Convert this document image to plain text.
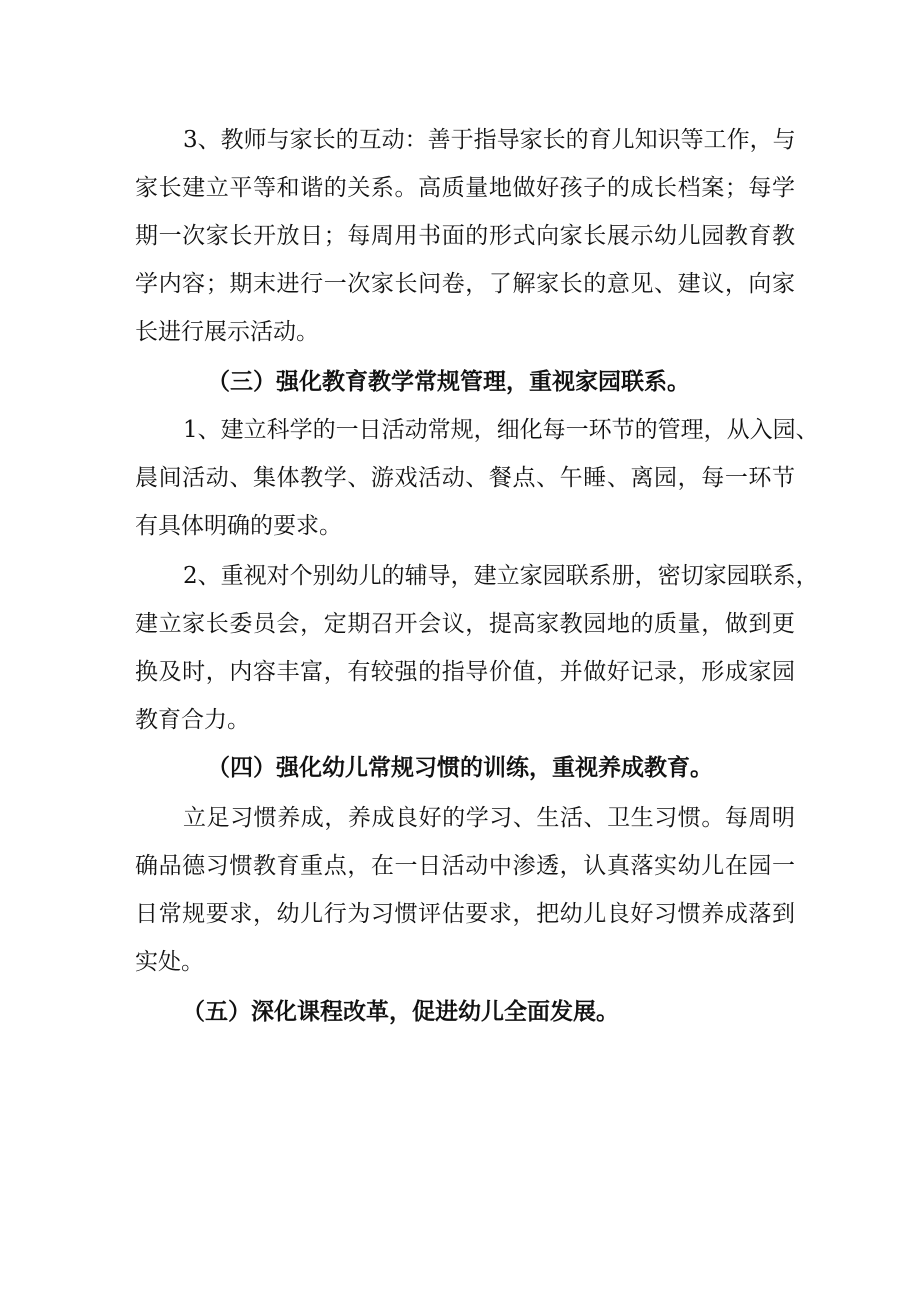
3、教师与家长的互动：善于指导家长的育儿知识等工作，与
家长建立平等和谐的关系。高质量地做好孩子的成长档案；每学
期一次家长开放日；每周用书面的形式向家长展示幼儿园教育教
学内容；期末进行一次家长问卷，了解家长的意见、建议，向家
长进行展示活动。
（三）强化教育教学常规管理，重视家园联系。
1、建立科学的一日活动常规，细化每一环节的管理，从入园、
晨间活动、集体教学、游戏活动、餐点、午睡、离园，每一环节
有具体明确的要求。
2、重视对个别幼儿的辅导，建立家园联系册，密切家园联系，
建立家长委员会，定期召开会议，提高家教园地的质量，做到更
换及时，内容丰富，有较强的指导价值，并做好记录，形成家园
教育合力。
（四）强化幼儿常规习惯的训练，重视养成教育。
立足习惯养成，养成良好的学习、生活、卫生习惯。每周明
确品德习惯教育重点，在一日活动中渗透，认真落实幼儿在园一
日常规要求，幼儿行为习惯评估要求，把幼儿良好习惯养成落到
实处。
（五）深化课程改革，促进幼儿全面发展。
